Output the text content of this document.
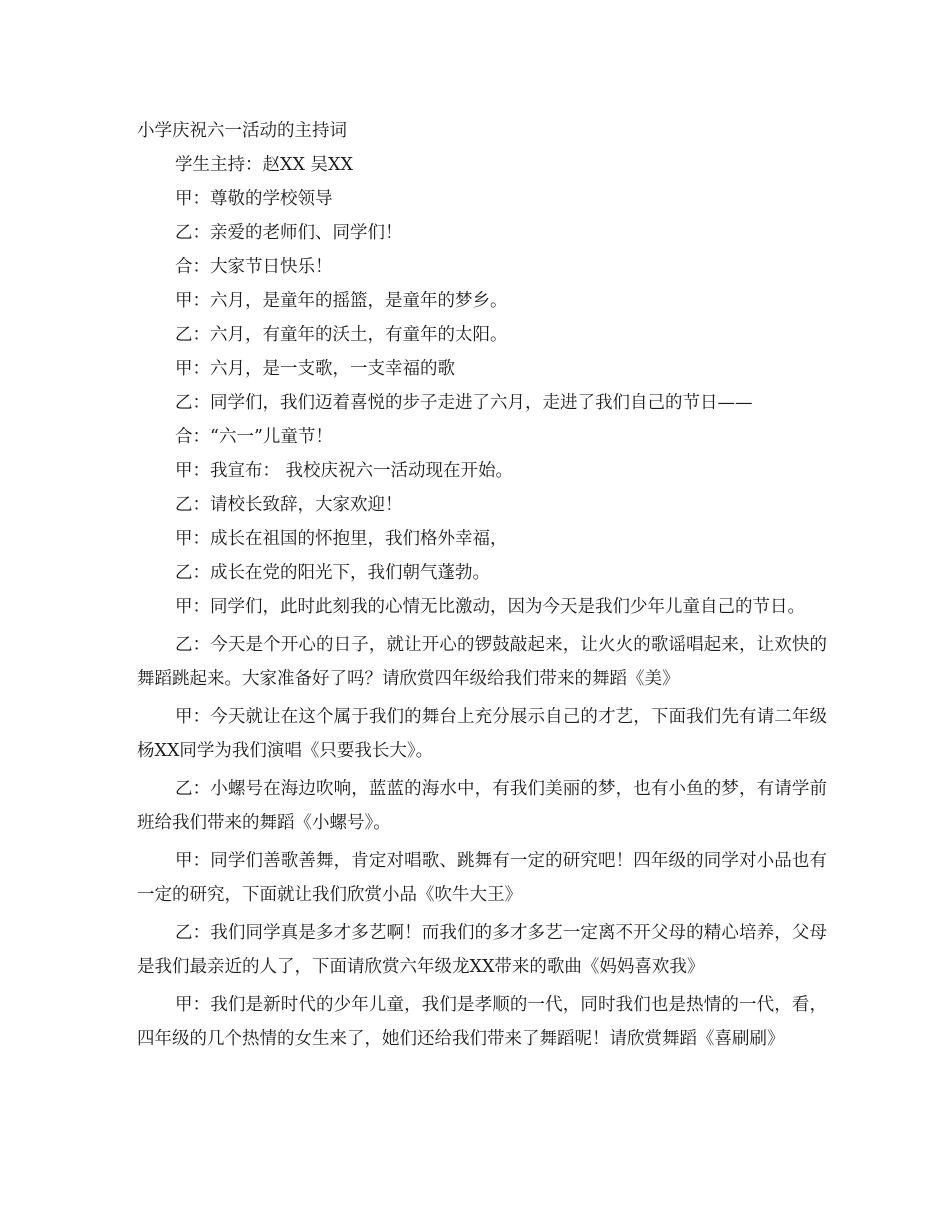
小学庆祝六一活动的主持词

学生主持：赵XX 吴XX

甲：尊敬的学校领导

乙：亲爱的老师们、同学们！

合：大家节日快乐！

甲：六月，是童年的摇篮，是童年的梦乡。

乙：六月，有童年的沃土，有童年的太阳。

甲：六月，是一支歌，一支幸福的歌

乙：同学们，我们迈着喜悦的步子走进了六月，走进了我们自己的节日——

合：“六一”儿童节！

甲：我宣布： 我校庆祝六一活动现在开始。

乙：请校长致辞，大家欢迎！

甲：成长在祖国的怀抱里，我们格外幸福，

乙：成长在党的阳光下，我们朝气蓬勃。

甲：同学们，此时此刻我的心情无比激动，因为今天是我们少年儿童自己的节日。

乙：今天是个开心的日子，就让开心的锣鼓敲起来，让火火的歌谣唱起来，让欢快的舞蹈跳起来。大家准备好了吗？请欣赏四年级给我们带来的舞蹈《美》

甲：今天就让在这个属于我们的舞台上充分展示自己的才艺，下面我们先有请二年级杨XX同学为我们演唱《只要我长大》。

乙：小螺号在海边吹响，蓝蓝的海水中，有我们美丽的梦，也有小鱼的梦，有请学前班给我们带来的舞蹈《小螺号》。

甲：同学们善歌善舞，肯定对唱歌、跳舞有一定的研究吧！四年级的同学对小品也有一定的研究，下面就让我们欣赏小品《吹牛大王》

乙：我们同学真是多才多艺啊！而我们的多才多艺一定离不开父母的精心培养，父母是我们最亲近的人了，下面请欣赏六年级龙XX带来的歌曲《妈妈喜欢我》

甲：我们是新时代的少年儿童，我们是孝顺的一代，同时我们也是热情的一代，看，四年级的几个热情的女生来了，她们还给我们带来了舞蹈呢！请欣赏舞蹈《喜刷刷》
